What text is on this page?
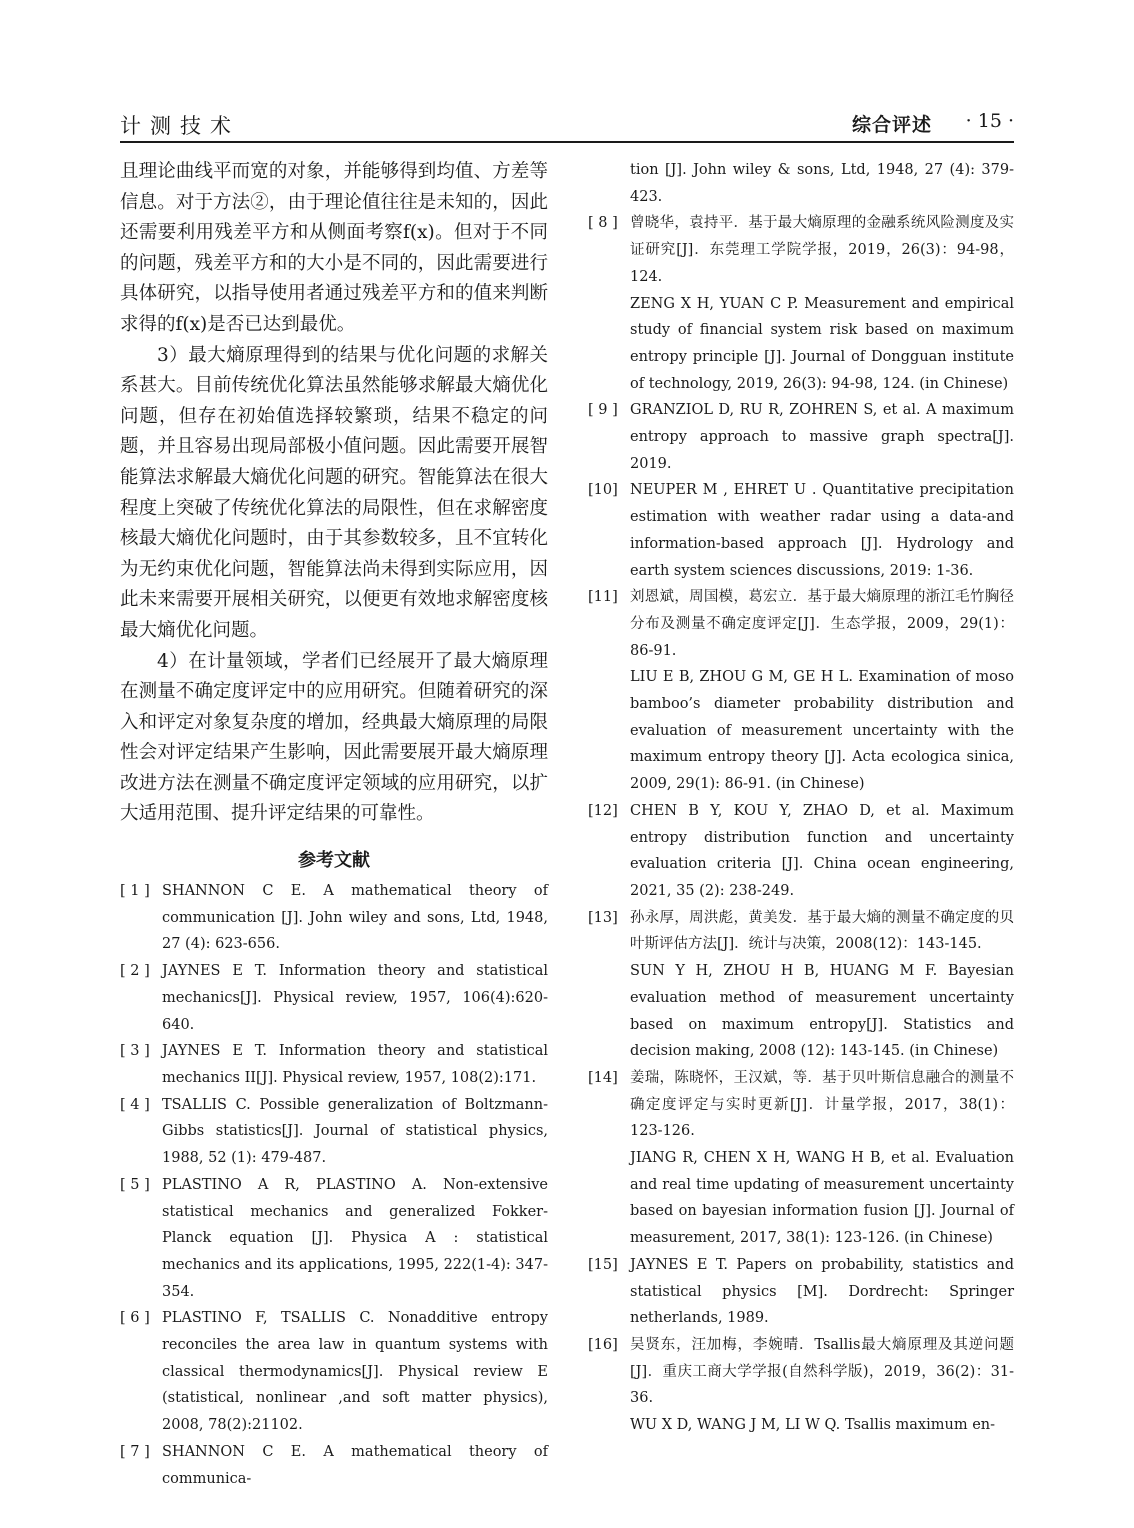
计测技术	综合评述 · 15 ·

且理论曲线平而宽的对象，并能够得到均值、方差等信息。对于方法②，由于理论值往往是未知的，因此还需要利用残差平方和从侧面考察f(x)。但对于不同的问题，残差平方和的大小是不同的，因此需要进行具体研究，以指导使用者通过残差平方和的值来判断求得的f(x)是否已达到最优。

3）最大熵原理得到的结果与优化问题的求解关系甚大。目前传统优化算法虽然能够求解最大熵优化问题，但存在初始值选择较繁琐，结果不稳定的问题，并且容易出现局部极小值问题。因此需要开展智能算法求解最大熵优化问题的研究。智能算法在很大程度上突破了传统优化算法的局限性，但在求解密度核最大熵优化问题时，由于其参数较多，且不宜转化为无约束优化问题，智能算法尚未得到实际应用，因此未来需要开展相关研究，以便更有效地求解密度核最大熵优化问题。

4）在计量领域，学者们已经展开了最大熵原理在测量不确定度评定中的应用研究。但随着研究的深入和评定对象复杂度的增加，经典最大熵原理的局限性会对评定结果产生影响，因此需要展开最大熵原理改进方法在测量不确定度评定领域的应用研究，以扩大适用范围、提升评定结果的可靠性。

参考文献
[ 1 ] SHANNON C E. A mathematical theory of communication [J]. John wiley and sons, Ltd, 1948, 27 (4): 623-656.
[ 2 ] JAYNES E T. Information theory and statistical mechanics[J]. Physical review, 1957, 106(4):620-640.
[ 3 ] JAYNES E T. Information theory and statistical mechanics II[J]. Physical review, 1957, 108(2):171.
[ 4 ] TSALLIS C. Possible generalization of Boltzmann-Gibbs statistics[J]. Journal of statistical physics, 1988, 52 (1): 479-487.
[ 5 ] PLASTINO A R, PLASTINO A. Non-extensive statistical mechanics and generalized Fokker-Planck equation [J]. Physica A : statistical mechanics and its applications, 1995, 222(1-4): 347-354.
[ 6 ] PLASTINO F, TSALLIS C. Nonadditive entropy reconciles the area law in quantum systems with classical thermodynamics[J]. Physical review E (statistical, nonlinear ,and soft matter physics), 2008, 78(2):21102.
[ 7 ] SHANNON C E. A mathematical theory of communica-
tion [J]. John wiley & sons, Ltd, 1948, 27 (4): 379-423.
[ 8 ] 曾晓华，袁持平．基于最大熵原理的金融系统风险测度及实证研究[J]．东莞理工学院学报，2019，26(3)：94-98，124.
ZENG X H, YUAN C P. Measurement and empirical study of financial system risk based on maximum entropy principle [J]. Journal of Dongguan institute of technology, 2019, 26(3): 94-98, 124. (in Chinese)
[ 9 ] GRANZIOL D, RU R, ZOHREN S, et al. A maximum entropy approach to massive graph spectra[J]. 2019.
[10] NEUPER M , EHRET U . Quantitative precipitation estimation with weather radar using a data-and information-based approach [J]. Hydrology and earth system sciences discussions, 2019: 1-36.
[11] 刘恩斌，周国模，葛宏立．基于最大熵原理的浙江毛竹胸径分布及测量不确定度评定[J]．生态学报，2009，29(1)：86-91.
LIU E B, ZHOU G M, GE H L. Examination of moso bamboo’s diameter probability distribution and evaluation of measurement uncertainty with the maximum entropy theory [J]. Acta ecologica sinica, 2009, 29(1): 86-91. (in Chinese)
[12] CHEN B Y, KOU Y, ZHAO D, et al. Maximum entropy distribution function and uncertainty evaluation criteria [J]. China ocean engineering, 2021, 35 (2): 238-249.
[13] 孙永厚，周洪彪，黄美发．基于最大熵的测量不确定度的贝叶斯评估方法[J]．统计与决策，2008(12)：143-145.
SUN Y H, ZHOU H B, HUANG M F. Bayesian evaluation method of measurement uncertainty based on maximum entropy[J]. Statistics and decision making, 2008 (12): 143-145. (in Chinese)
[14] 姜瑞，陈晓怀，王汉斌，等．基于贝叶斯信息融合的测量不确定度评定与实时更新[J]．计量学报，2017，38(1)：123-126.
JIANG R, CHEN X H, WANG H B, et al. Evaluation and real time updating of measurement uncertainty based on bayesian information fusion [J]. Journal of measurement, 2017, 38(1): 123-126. (in Chinese)
[15] JAYNES E T. Papers on probability, statistics and statistical physics [M]. Dordrecht: Springer netherlands, 1989.
[16] 吴贤东，汪加梅，李婉晴．Tsallis最大熵原理及其逆问题[J]．重庆工商大学学报(自然科学版)，2019，36(2)：31-36.
WU X D, WANG J M, LI W Q. Tsallis maximum en-
